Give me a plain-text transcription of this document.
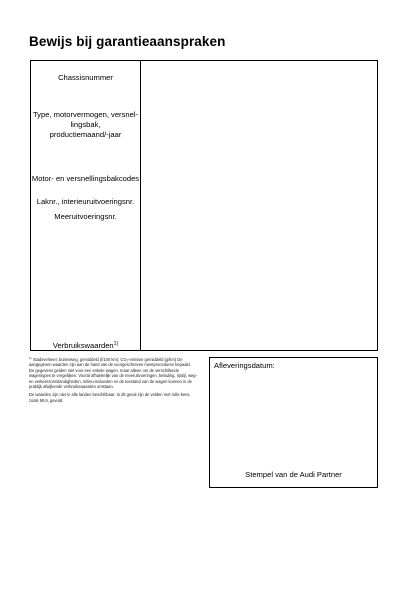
Bewijs bij garantieaanspraken
Chassisnummer
Type, motorvermogen, versnel-
lingsbak,
productiemaand/-jaar
Motor- en versnellingsbakcodes
Laknr., interieuruitvoeringsnr.
Meeruitvoeringsnr.
Verbruikswaarden$^{1)}$

$^{1)}$ Stadsverkeer, buitenweg, gemiddeld (l/100 km); CO₂-emissie gemiddeld (g/km) De aangegeven waarden zijn aan de hand van de voorgeschreven meetprocedures bepaald. De gegevens gelden niet voor een enkele wagen, maar alleen om de verschillende wagentypes te vergelijken. Vooral afhankelijk van de meeruitvoeringen, belading, rijstijl, weg- en verkeersomstandigheden, milieu-invloeden en de toestand van de wagen kunnen in de praktijk afwijkende verbruikswaarden ontstaan.

De waarden zijn niet in alle landen beschikbaar. In dit geval zijn de velden met rulle-kens, zoals 99,9, gevuld.

Afleveringsdatum:
Stempel van de Audi Partner
